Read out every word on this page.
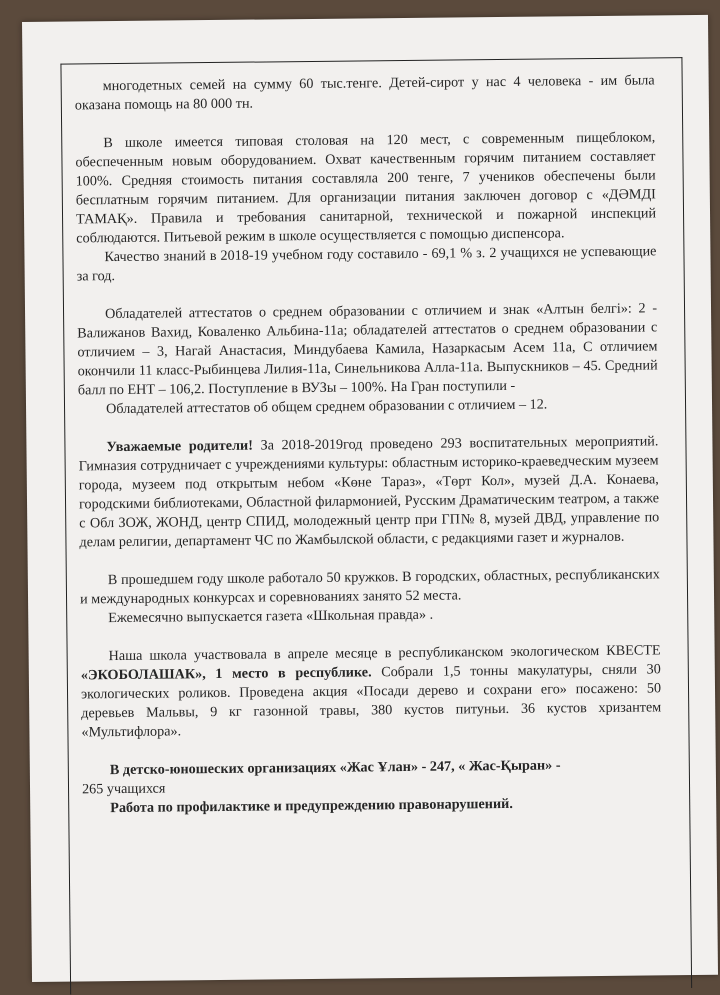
многодетных семей на сумму 60 тыс.тенге. Детей-сирот у нас 4 человека - им была оказана помощь на 80 000 тн.

В школе имеется типовая столовая на 120 мест, с современным пищеблоком, обеспеченным новым оборудованием. Охват качественным горячим питанием составляет 100%. Средняя стоимость питания составляла 200 тенге, 7 учеников обеспечены были бесплатным горячим питанием. Для организации питания заключен договор с «ДӘМДІ ТАМАҚ». Правила и требования санитарной, технической и пожарной инспекций соблюдаются. Питьевой режим в школе осуществляется с помощью диспенсора.

Качество знаний в 2018-19 учебном году составило - 69,1 % з. 2 учащихся не успевающие за год.

Обладателей аттестатов о среднем образовании с отличием и знак «Алтын белгі»: 2 - Валижанов Вахид, Коваленко Альбина-11а; обладателей аттестатов о среднем образовании с отличием – 3, Нагай Анастасия, Миндубаева Камила, Назаркасым Асем 11а, С отличием окончили 11 класс-Рыбинцева Лилия-11а, Синельникова Алла-11а. Выпускников – 45. Средний балл по ЕНТ – 106,2. Поступление в ВУЗы – 100%. На Гран поступили -

Обладателей аттестатов об общем среднем образовании с отличием – 12.

Уважаемые родители! За 2018-2019год проведено 293 воспитательных мероприятий. Гимназия сотрудничает с учреждениями культуры: областным историко-краеведческим музеем города, музеем под открытым небом «Көне Тараз», «Төрт Кол», музей Д.А. Конаева, городскими библиотеками, Областной филармонией, Русским Драматическим театром, а также с Обл ЗОЖ, ЖОНД, центр СПИД, молодежный центр при ГП№ 8, музей ДВД, управление по делам религии, департамент ЧС по Жамбылской области, с редакциями газет и журналов.

В прошедшем году школе работало 50 кружков. В городских, областных, республиканских и международных конкурсах и соревнованиях занято 52 места.

Ежемесячно выпускается газета «Школьная правда» .

Наша школа участвовала в апреле месяце в республиканском экологическом КВЕСТЕ «ЭКОБОЛАШАК», 1 место в республике. Собрали 1,5 тонны макулатуры, сняли 30 экологических роликов. Проведена акция «Посади дерево и сохрани его» посажено: 50 деревьев Мальвы, 9 кг газонной травы, 380 кустов питуньи. 36 кустов хризантем «Мультифлора».

В детско-юношеских организациях «Жас Ұлан» - 247, « Жас-Қыран» -

265 учащихся

Работа по профилактике и предупреждению правонарушений.
